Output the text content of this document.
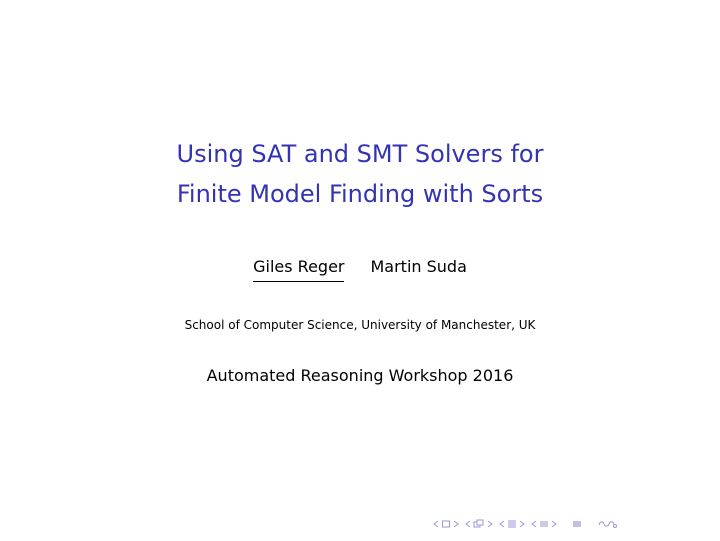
Using SAT and SMT Solvers for
Finite Model Finding with Sorts
Giles Reger Martin Suda
School of Computer Science, University of Manchester, UK
Automated Reasoning Workshop 2016
